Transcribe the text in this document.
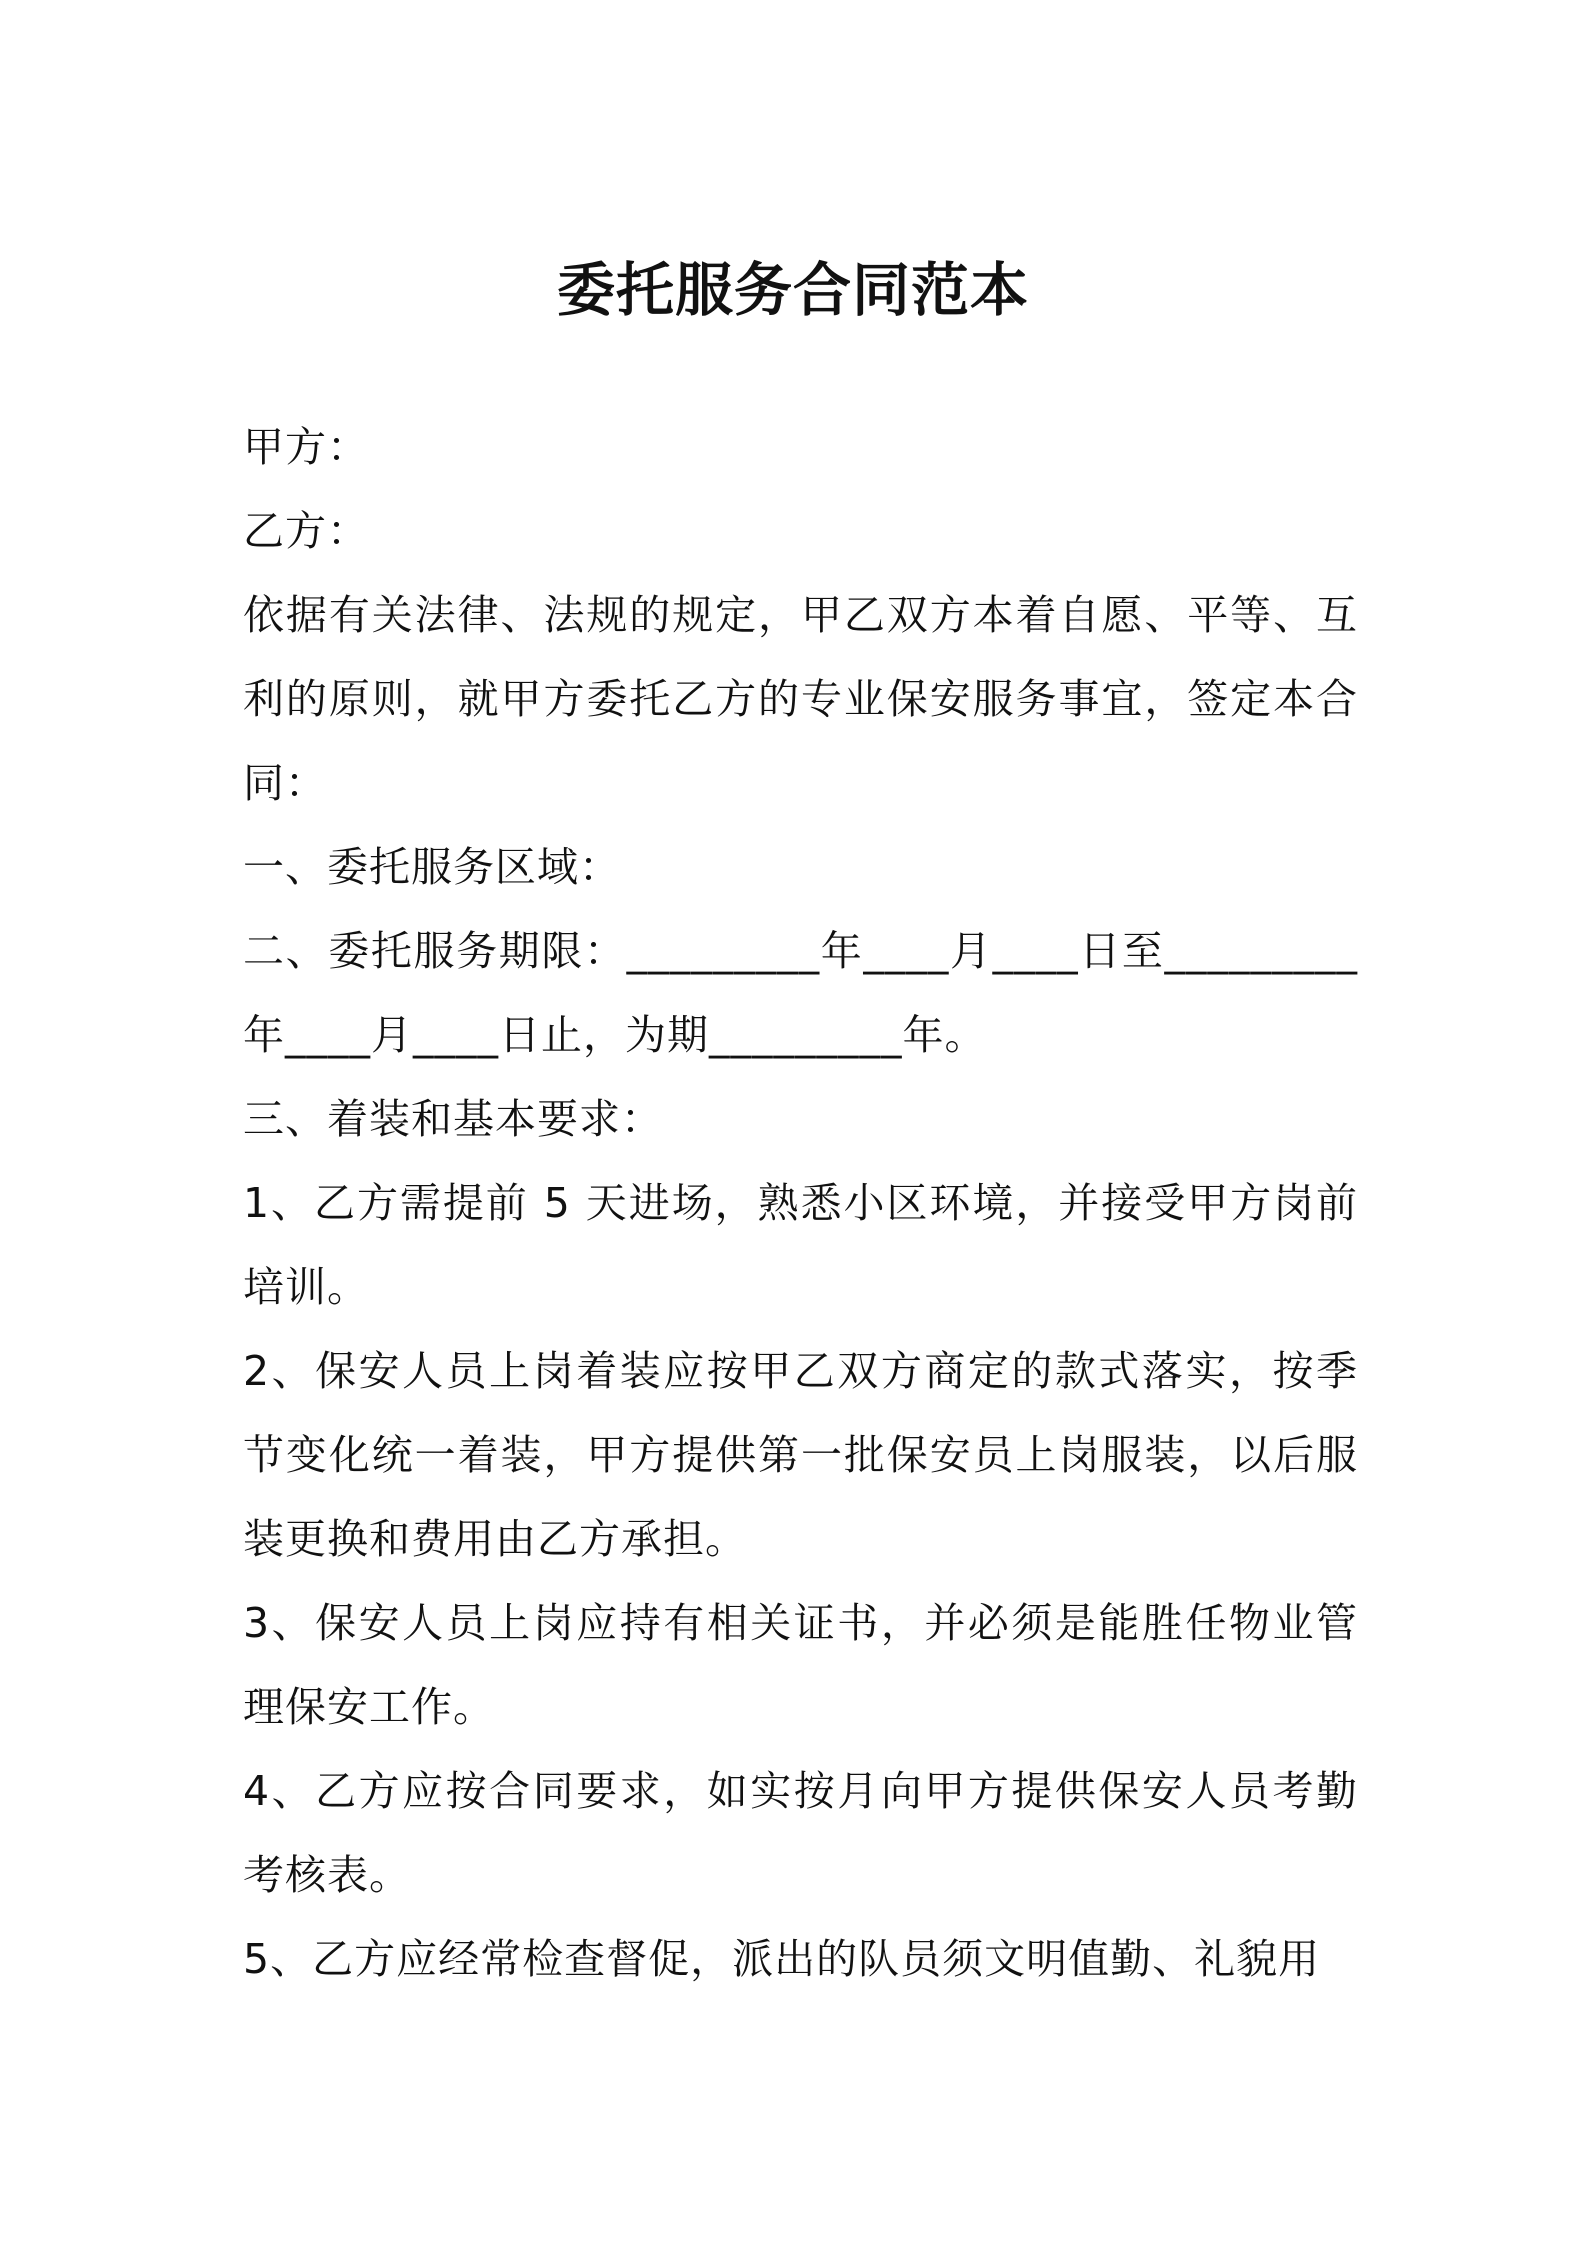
委托服务合同范本

甲方：

乙方：

依据有关法律、法规的规定，甲乙双方本着自愿、平等、互利的原则，就甲方委托乙方的专业保安服务事宜，签定本合同：

一、委托服务区域：

二、委托服务期限：_________年____月____日至_________年____月____日止，为期_________年。

三、着装和基本要求：

1、乙方需提前 5 天进场，熟悉小区环境，并接受甲方岗前培训。

2、保安人员上岗着装应按甲乙双方商定的款式落实，按季节变化统一着装，甲方提供第一批保安员上岗服装，以后服装更换和费用由乙方承担。

3、保安人员上岗应持有相关证书，并必须是能胜任物业管理保安工作。

4、乙方应按合同要求，如实按月向甲方提供保安人员考勤考核表。

5、乙方应经常检查督促，派出的队员须文明值勤、礼貌用
